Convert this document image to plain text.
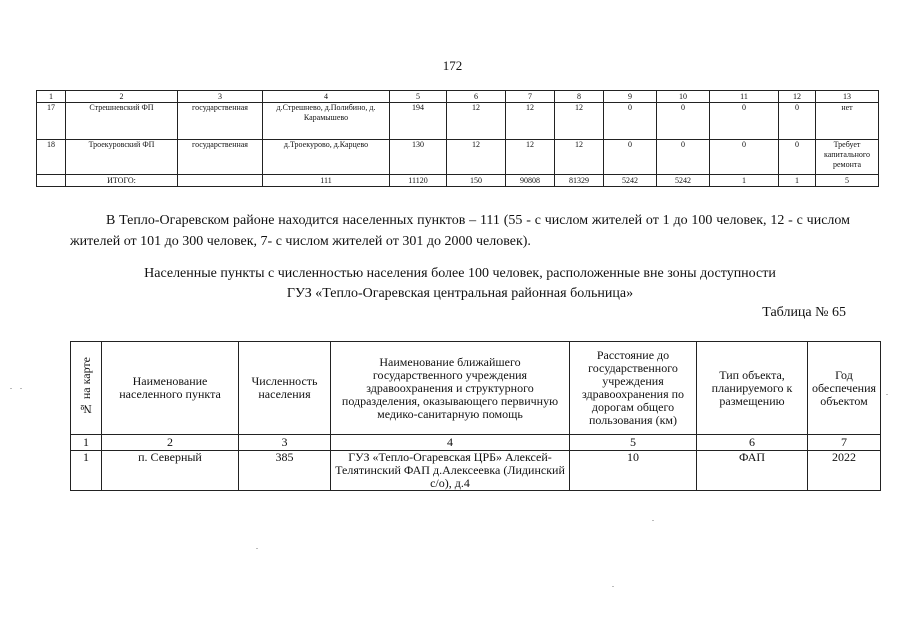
172
1	2	3	4	5	6	7	8	9	10	11	12	13
17	Стрешневский ФП	государственная	д.Стрешнево, д.Полибино, д. Карамышево	194	12	12	12	0	0	0	0	нет
18	Троекуровский ФП	государственная	д.Троекурово, д.Карцево	130	12	12	12	0	0	0	0	Требует капитального ремонта
	ИТОГО:		111	11120	150	90808	81329	5242	5242	1	1	5
В Тепло-Огаревском районе находится населенных пунктов – 111 (55 - с числом жителей от 1 до 100 человек, 12 - с числом жителей от 101 до 300 человек, 7- с числом жителей от 301 до 2000 человек).
Населенные пункты с численностью населения более 100 человек, расположенные вне зоны доступности
ГУЗ «Тепло-Огаревская центральная районная больница»
Таблица № 65
№ на карте	Наименование населенного пункта	Численность населения	Наименование ближайшего государственного учреждения здравоохранения и структурного подразделения, оказывающего первичную медико-санитарную помощь	Расстояние до государственного учреждения здравоохранения по дорогам общего пользования (км)	Тип объекта, планируемого к размещению	Год обеспечения объектом
1	2	3	4	5	6	7
1	п. Северный	385	ГУЗ «Тепло-Огаревская ЦРБ» Алексей-Телятинский ФАП д.Алексеевка (Лидинский с/о), д.4	10	ФАП	2022
